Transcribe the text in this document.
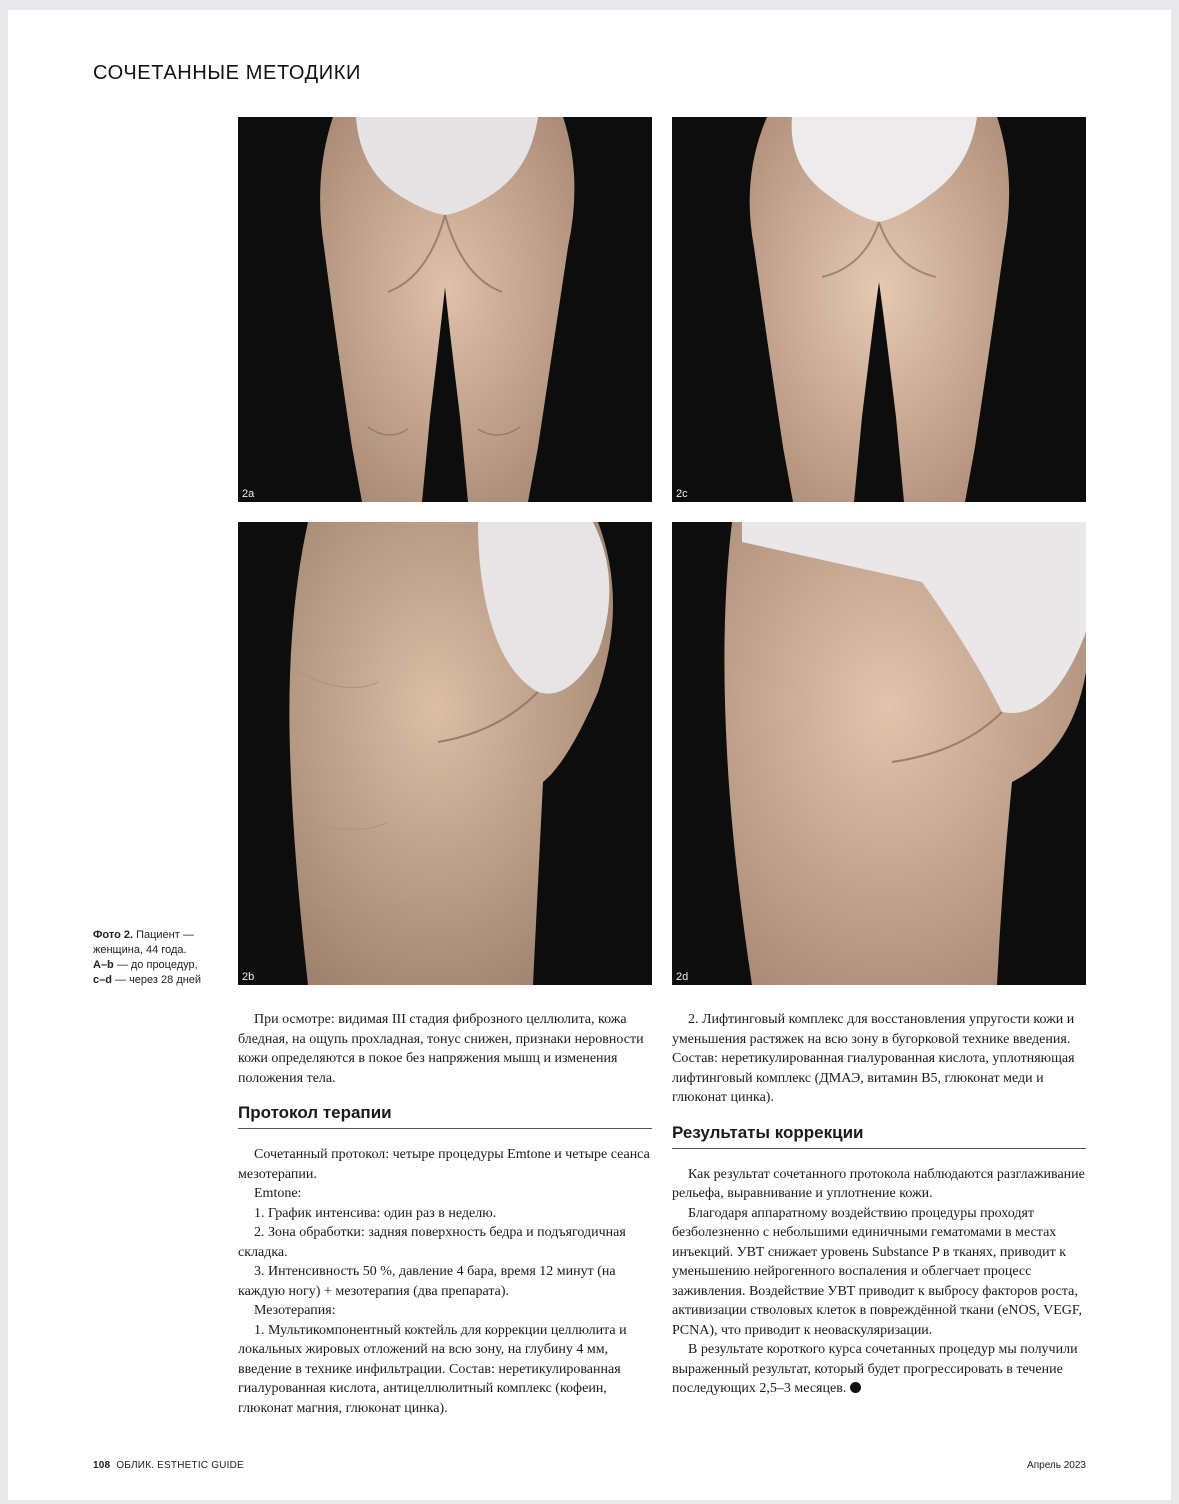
СОЧЕТАННЫЕ МЕТОДИКИ
2a	2c
2b	2d
Фото 2. Пациент —
женщина, 44 года.
A–b — до процедур,
c–d — через 28 дней

При осмотре: видимая III стадия фиброзного целлюлита, кожа бледная, на ощупь прохладная, тонус снижен, признаки неровности кожи определяются в покое без напряжения мышц и изменения положения тела.

Протокол терапии

Сочетанный протокол: четыре процедуры Emtone и четыре сеанса мезотерапии.

Emtone:

1. График интенсива: один раз в неделю.

2. Зона обработки: задняя поверхность бедра и подъягодичная складка.

3. Интенсивность 50 %, давление 4 бара, время 12 минут (на каждую ногу) + мезотерапия (два препарата).

Мезотерапия:

1. Мультикомпонентный коктейль для коррекции целлюлита и локальных жировых отложений на всю зону, на глубину 4 мм, введение в технике инфильтрации. Состав: неретикулированная гиалурованная кислота, антицеллюлитный комплекс (кофеин, глюконат магния, глюконат цинка).

2. Лифтинговый комплекс для восстановления упругости кожи и уменьшения растяжек на всю зону в бугорковой технике введения. Состав: неретикулированная гиалурованная кислота, уплотняющая лифтинговый комплекс (ДМАЭ, витамин B5, глюконат меди и глюконат цинка).

Результаты коррекции

Как результат сочетанного протокола наблюдаются разглаживание рельефа, выравнивание и уплотнение кожи.

Благодаря аппаратному воздействию процедуры проходят безболезненно с небольшими единичными гематомами в местах инъекций. УВТ снижает уровень Substance P в тканях, приводит к уменьшению нейрогенного воспаления и облегчает процесс заживления. Воздействие УВТ приводит к выбросу факторов роста, активизации стволовых клеток в повреждённой ткани (eNOS, VEGF, PCNA), что приводит к неоваскуляризации.

В результате короткого курса сочетанных процедур мы получили выраженный результат, который будет прогрессировать в течение последующих 2,5–3 месяцев.

108 ОБЛИК. ESTHETIC GUIDE	Апрель 2023
